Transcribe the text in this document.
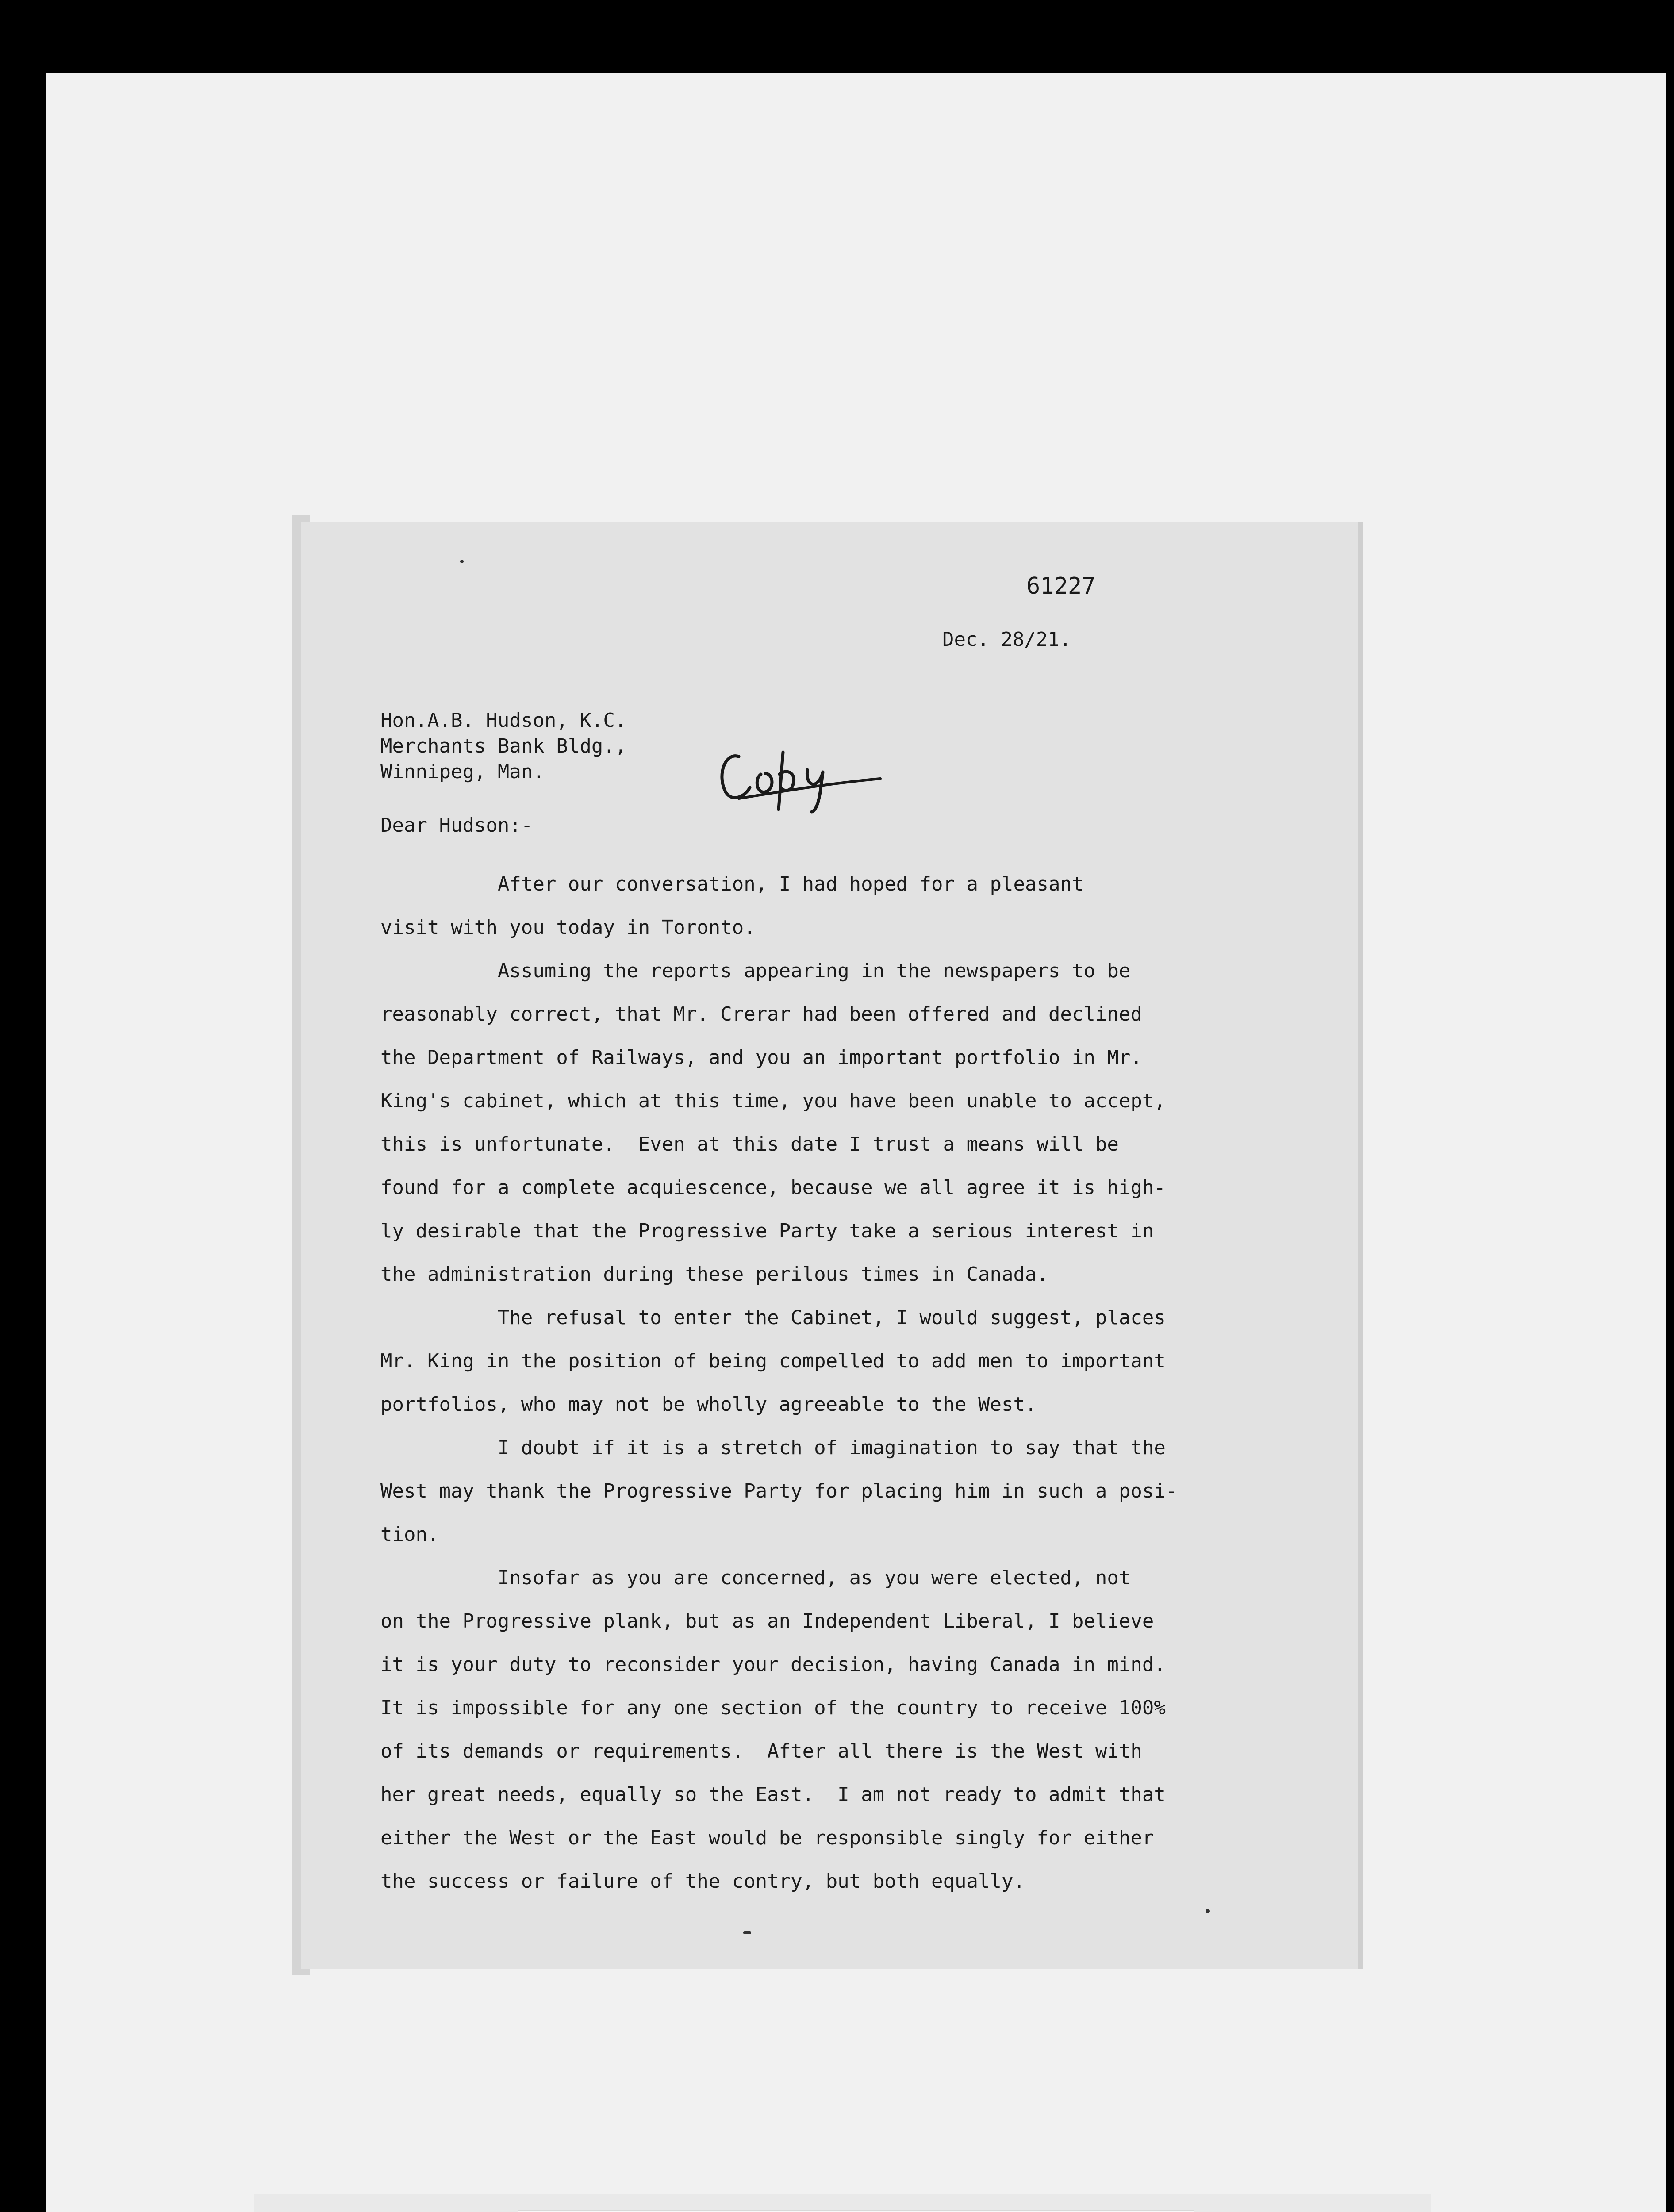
61227
Dec. 28/21.
Hon.A.B. Hudson, K.C.
Merchants Bank Bldg.,
Winnipeg, Man.
Dear Hudson:-
After our conversation, I had hoped for a pleasant
visit with you today in Toronto.
Assuming the reports appearing in the newspapers to be
reasonably correct, that Mr. Crerar had been offered and declined
the Department of Railways, and you an important portfolio in Mr.
King's cabinet, which at this time, you have been unable to accept,
this is unfortunate.  Even at this date I trust a means will be
found for a complete acquiescence, because we all agree it is high-
ly desirable that the Progressive Party take a serious interest in
the administration during these perilous times in Canada.
The refusal to enter the Cabinet, I would suggest, places
Mr. King in the position of being compelled to add men to important
portfolios, who may not be wholly agreeable to the West.
I doubt if it is a stretch of imagination to say that the
West may thank the Progressive Party for placing him in such a posi-
tion.
Insofar as you are concerned, as you were elected, not
on the Progressive plank, but as an Independent Liberal, I believe
it is your duty to reconsider your decision, having Canada in mind.
It is impossible for any one section of the country to receive 100%
of its demands or requirements.  After all there is the West with
her great needs, equally so the East.  I am not ready to admit that
either the West or the East would be responsible singly for either
the success or failure of the contry, but both equally.
